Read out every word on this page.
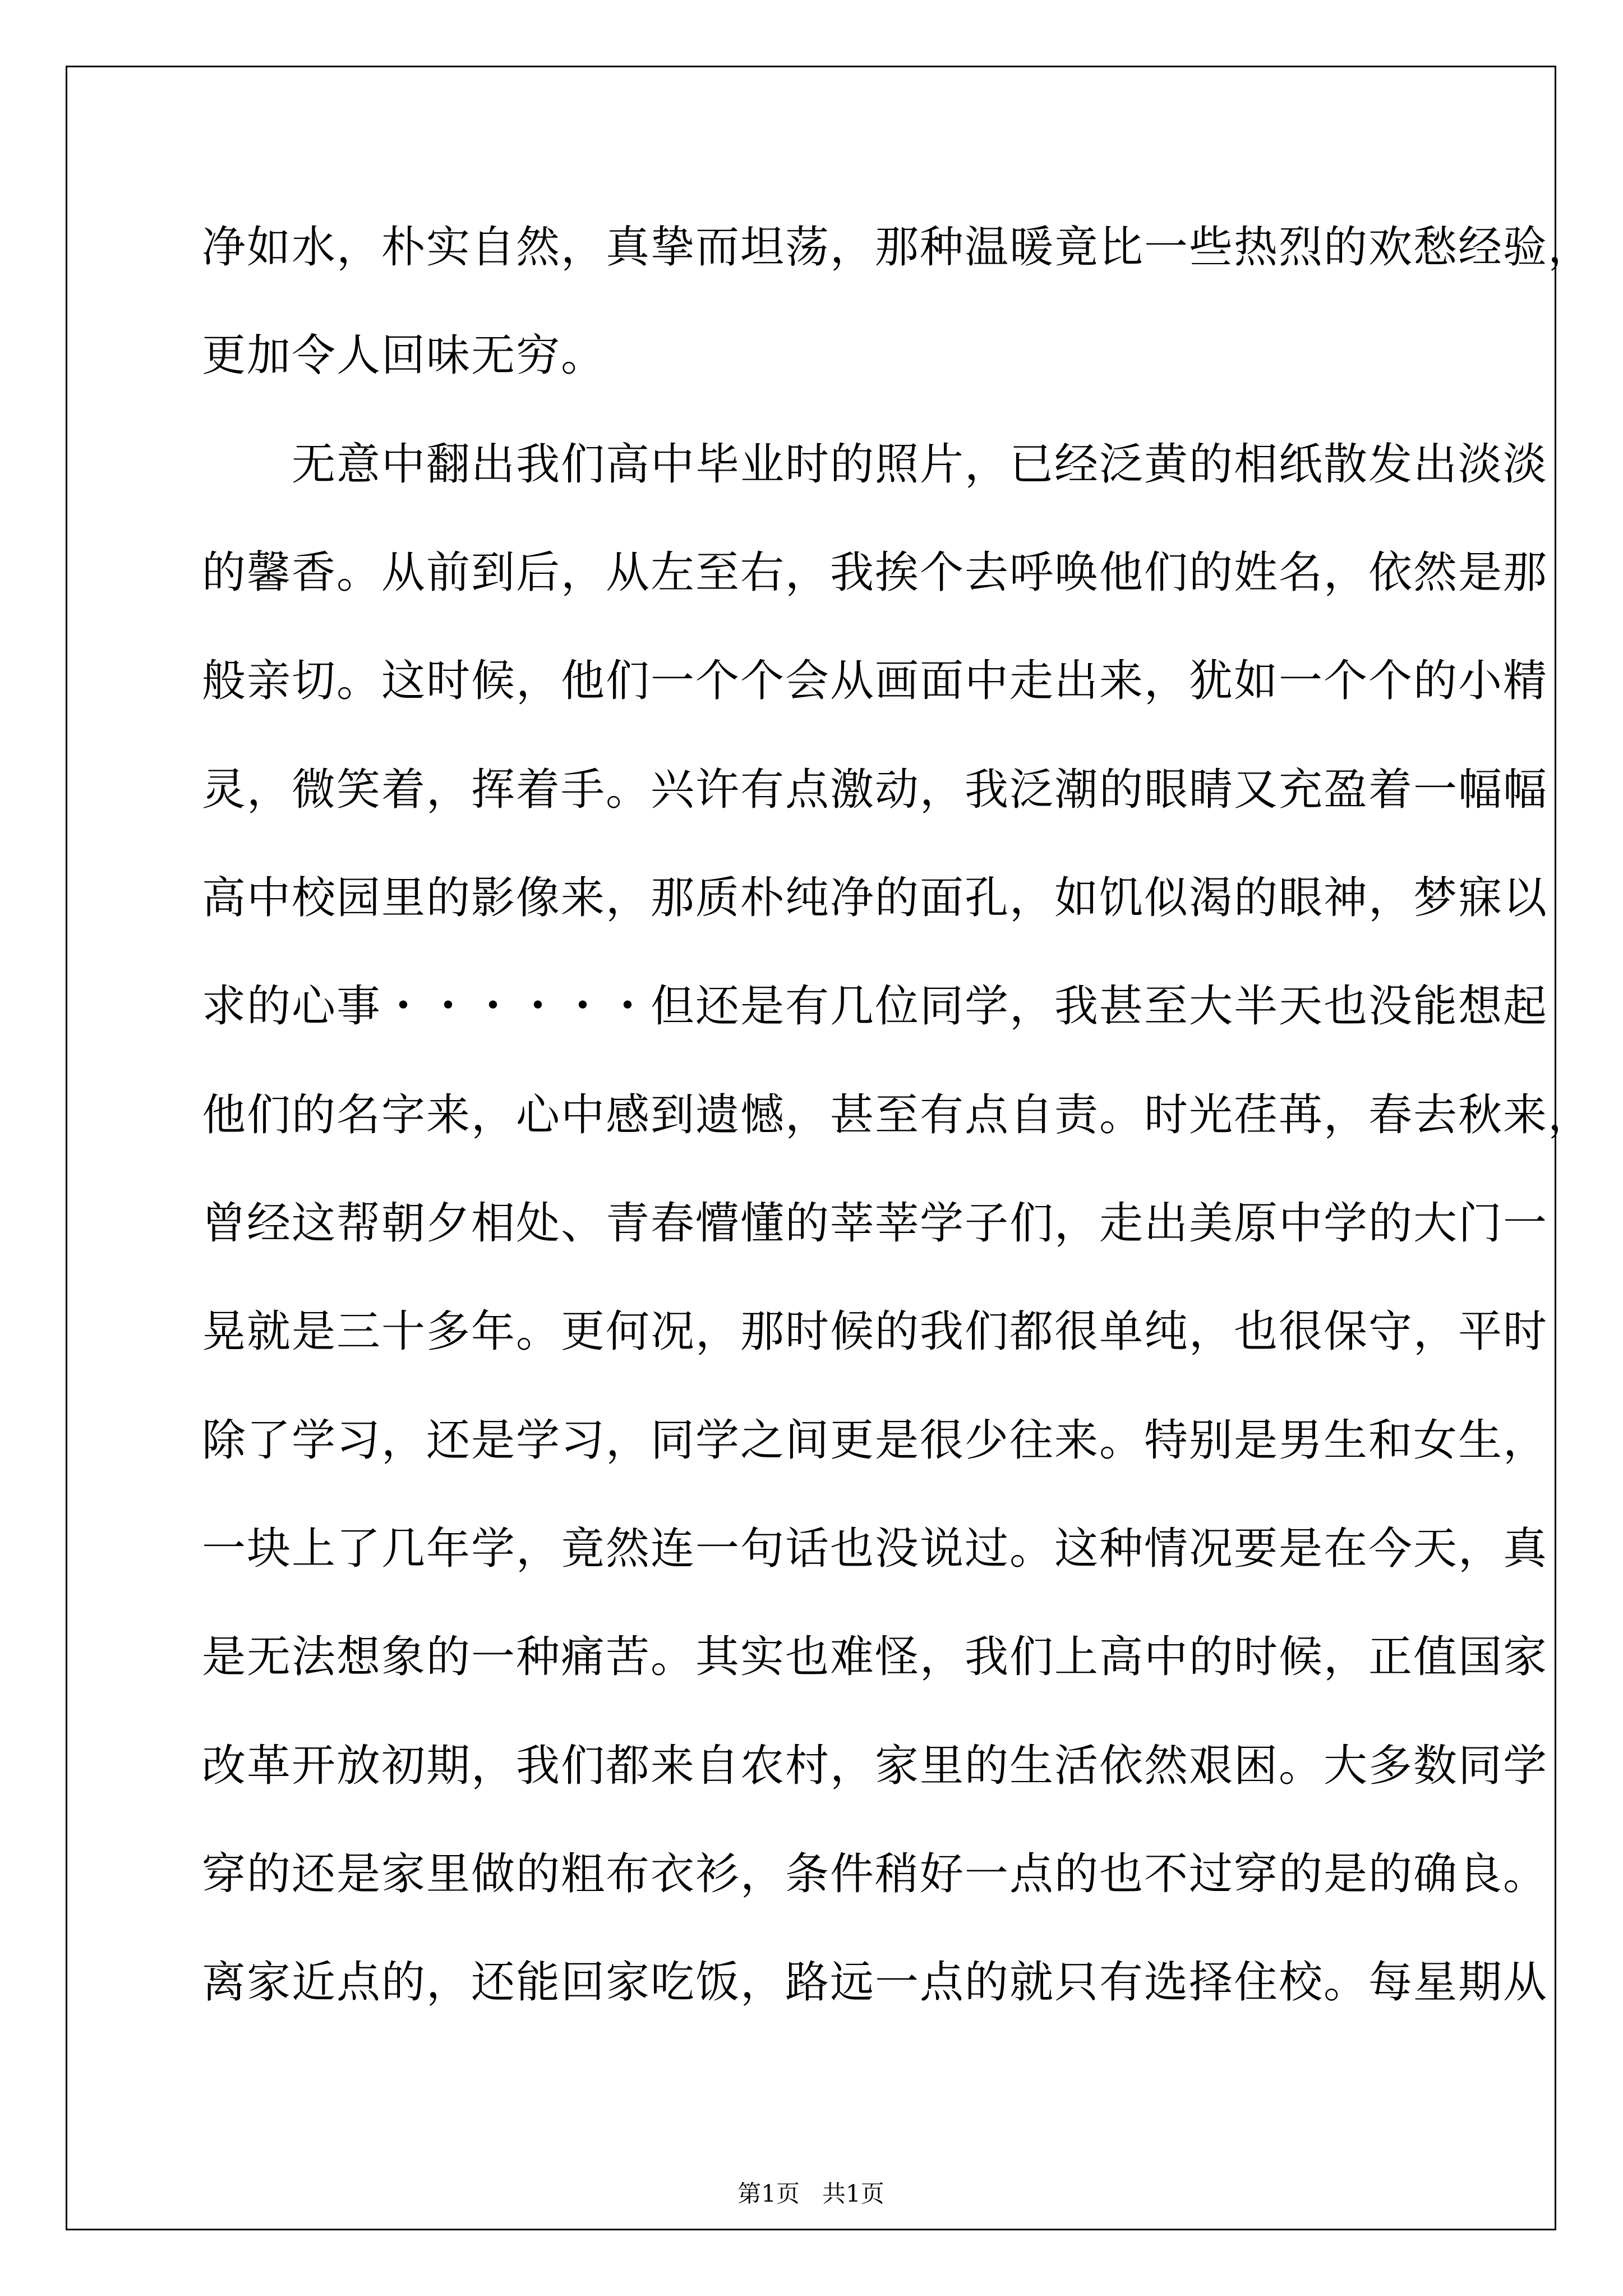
净如水，朴实自然，真挚而坦荡，那种温暖竟比一些热烈的欢愁经验，
更加令人回味无穷。
　　无意中翻出我们高中毕业时的照片，已经泛黄的相纸散发出淡淡
的馨香。从前到后，从左至右，我挨个去呼唤他们的姓名，依然是那
般亲切。这时候，他们一个个会从画面中走出来，犹如一个个的小精
灵，微笑着，挥着手。兴许有点激动，我泛潮的眼睛又充盈着一幅幅
高中校园里的影像来，那质朴纯净的面孔，如饥似渴的眼神，梦寐以
求的心事・・・・・・但还是有几位同学，我甚至大半天也没能想起
他们的名字来，心中感到遗憾，甚至有点自责。时光荏苒，春去秋来，
曾经这帮朝夕相处、青春懵懂的莘莘学子们，走出美原中学的大门一
晃就是三十多年。更何况，那时候的我们都很单纯，也很保守，平时
除了学习，还是学习，同学之间更是很少往来。特别是男生和女生，
一块上了几年学，竟然连一句话也没说过。这种情况要是在今天，真
是无法想象的一种痛苦。其实也难怪，我们上高中的时候，正值国家
改革开放初期，我们都来自农村，家里的生活依然艰困。大多数同学
穿的还是家里做的粗布衣衫，条件稍好一点的也不过穿的是的确良。
离家近点的，还能回家吃饭，路远一点的就只有选择住校。每星期从
第1页 共1页
